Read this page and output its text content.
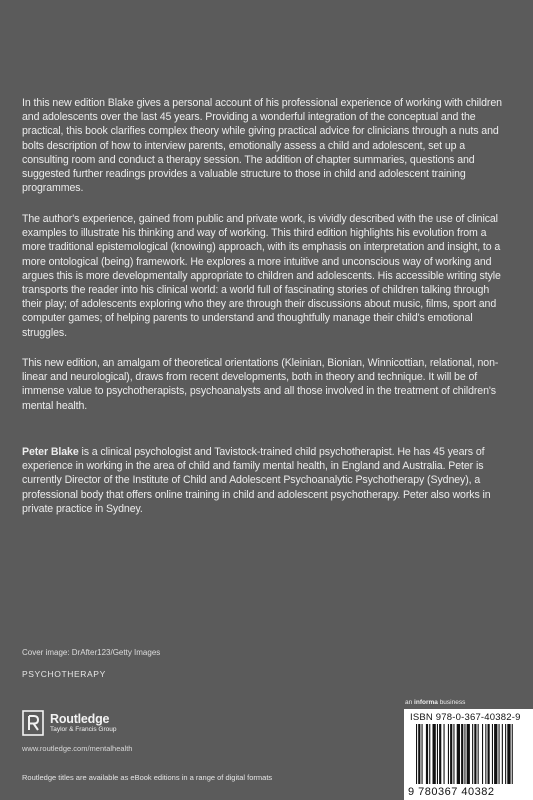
In this new edition Blake gives a personal account of his professional experience of working with children and adolescents over the last 45 years. Providing a wonderful integration of the conceptual and the practical, this book clarifies complex theory while giving practical advice for clinicians through a nuts and bolts description of how to interview parents, emotionally assess a child and adolescent, set up a consulting room and conduct a therapy session. The addition of chapter summaries, questions and suggested further readings provides a valuable structure to those in child and adolescent training programmes.
The author's experience, gained from public and private work, is vividly described with the use of clinical examples to illustrate his thinking and way of working. This third edition highlights his evolution from a more traditional epistemological (knowing) approach, with its emphasis on interpretation and insight, to a more ontological (being) framework. He explores a more intuitive and unconscious way of working and argues this is more developmentally appropriate to children and adolescents. His accessible writing style transports the reader into his clinical world: a world full of fascinating stories of children talking through their play; of adolescents exploring who they are through their discussions about music, films, sport and computer games; of helping parents to understand and thoughtfully manage their child's emotional struggles.
This new edition, an amalgam of theoretical orientations (Kleinian, Bionian, Winnicottian, relational, non-linear and neurological), draws from recent developments, both in theory and technique. It will be of immense value to psychotherapists, psychoanalysts and all those involved in the treatment of children's mental health.
Peter Blake is a clinical psychologist and Tavistock-trained child psychotherapist. He has 45 years of experience in working in the area of child and family mental health, in England and Australia. Peter is currently Director of the Institute of Child and Adolescent Psychoanalytic Psychotherapy (Sydney), a professional body that offers online training in child and adolescent psychotherapy. Peter also works in private practice in Sydney.
Cover image: DrAfter123/Getty Images
PSYCHOTHERAPY
Routledge
Taylor & Francis Group
www.routledge.com/mentalhealth
Routledge titles are available as eBook editions in a range of digital formats
an informa business
ISBN 978-0-367-40382-9
9 780367 40382
